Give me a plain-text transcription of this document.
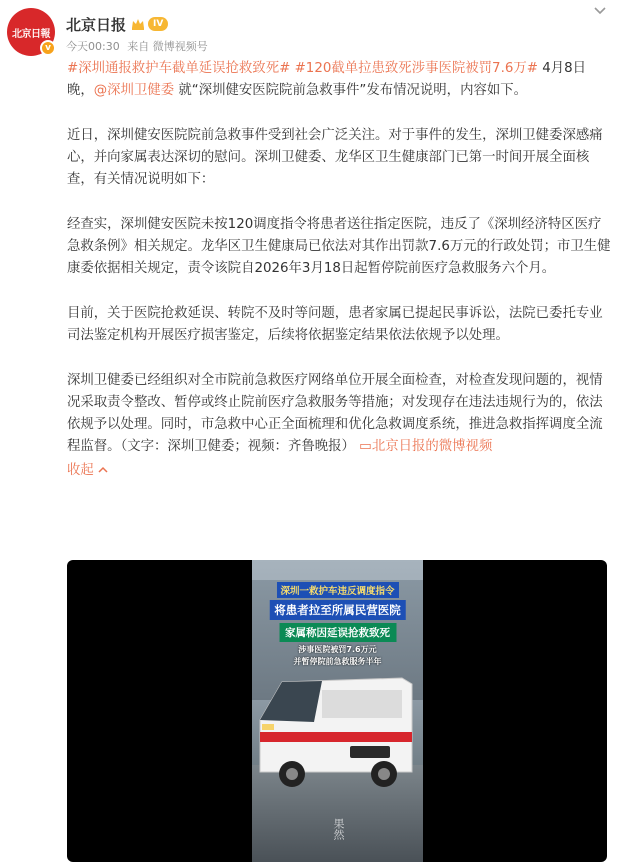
北京日報
v
北京日报	IV
今天00:30 来自 微博视频号

#深圳通报救护车截单延误抢救致死# #120截单拉患致死涉事医院被罚7.6万# 4月8日晚，@深圳卫健委 就“深圳健安医院院前急救事件”发布情况说明，内容如下。

近日，深圳健安医院院前急救事件受到社会广泛关注。对于事件的发生，深圳卫健委深感痛心，并向家属表达深切的慰问。深圳卫健委、龙华区卫生健康部门已第一时间开展全面核查，有关情况说明如下：

经查实，深圳健安医院未按120调度指令将患者送往指定医院，违反了《深圳经济特区医疗急救条例》相关规定。龙华区卫生健康局已依法对其作出罚款7.6万元的行政处罚；市卫生健康委依据相关规定，责令该院自2026年3月18日起暂停院前医疗急救服务六个月。

目前，关于医院抢救延误、转院不及时等问题，患者家属已提起民事诉讼，法院已委托专业司法鉴定机构开展医疗损害鉴定，后续将依据鉴定结果依法依规予以处理。

深圳卫健委已经组织对全市院前急救医疗网络单位开展全面检查，对检查发现问题的，视情况采取责令整改、暂停或终止院前医疗急救服务等措施；对发现存在违法违规行为的，依法依规予以处理。同时，市急救中心正全面梳理和优化急救调度系统，推进急救指挥调度全流程监督。（文字：深圳卫健委；视频：齐鲁晚报） ▭北京日报的微博视频

收起
深圳一救护车违反调度指令
将患者拉至所属民营医院
家属称因延误抢救致死
涉事医院被罚7.6万元
并暂停院前急救服务半年
果然
